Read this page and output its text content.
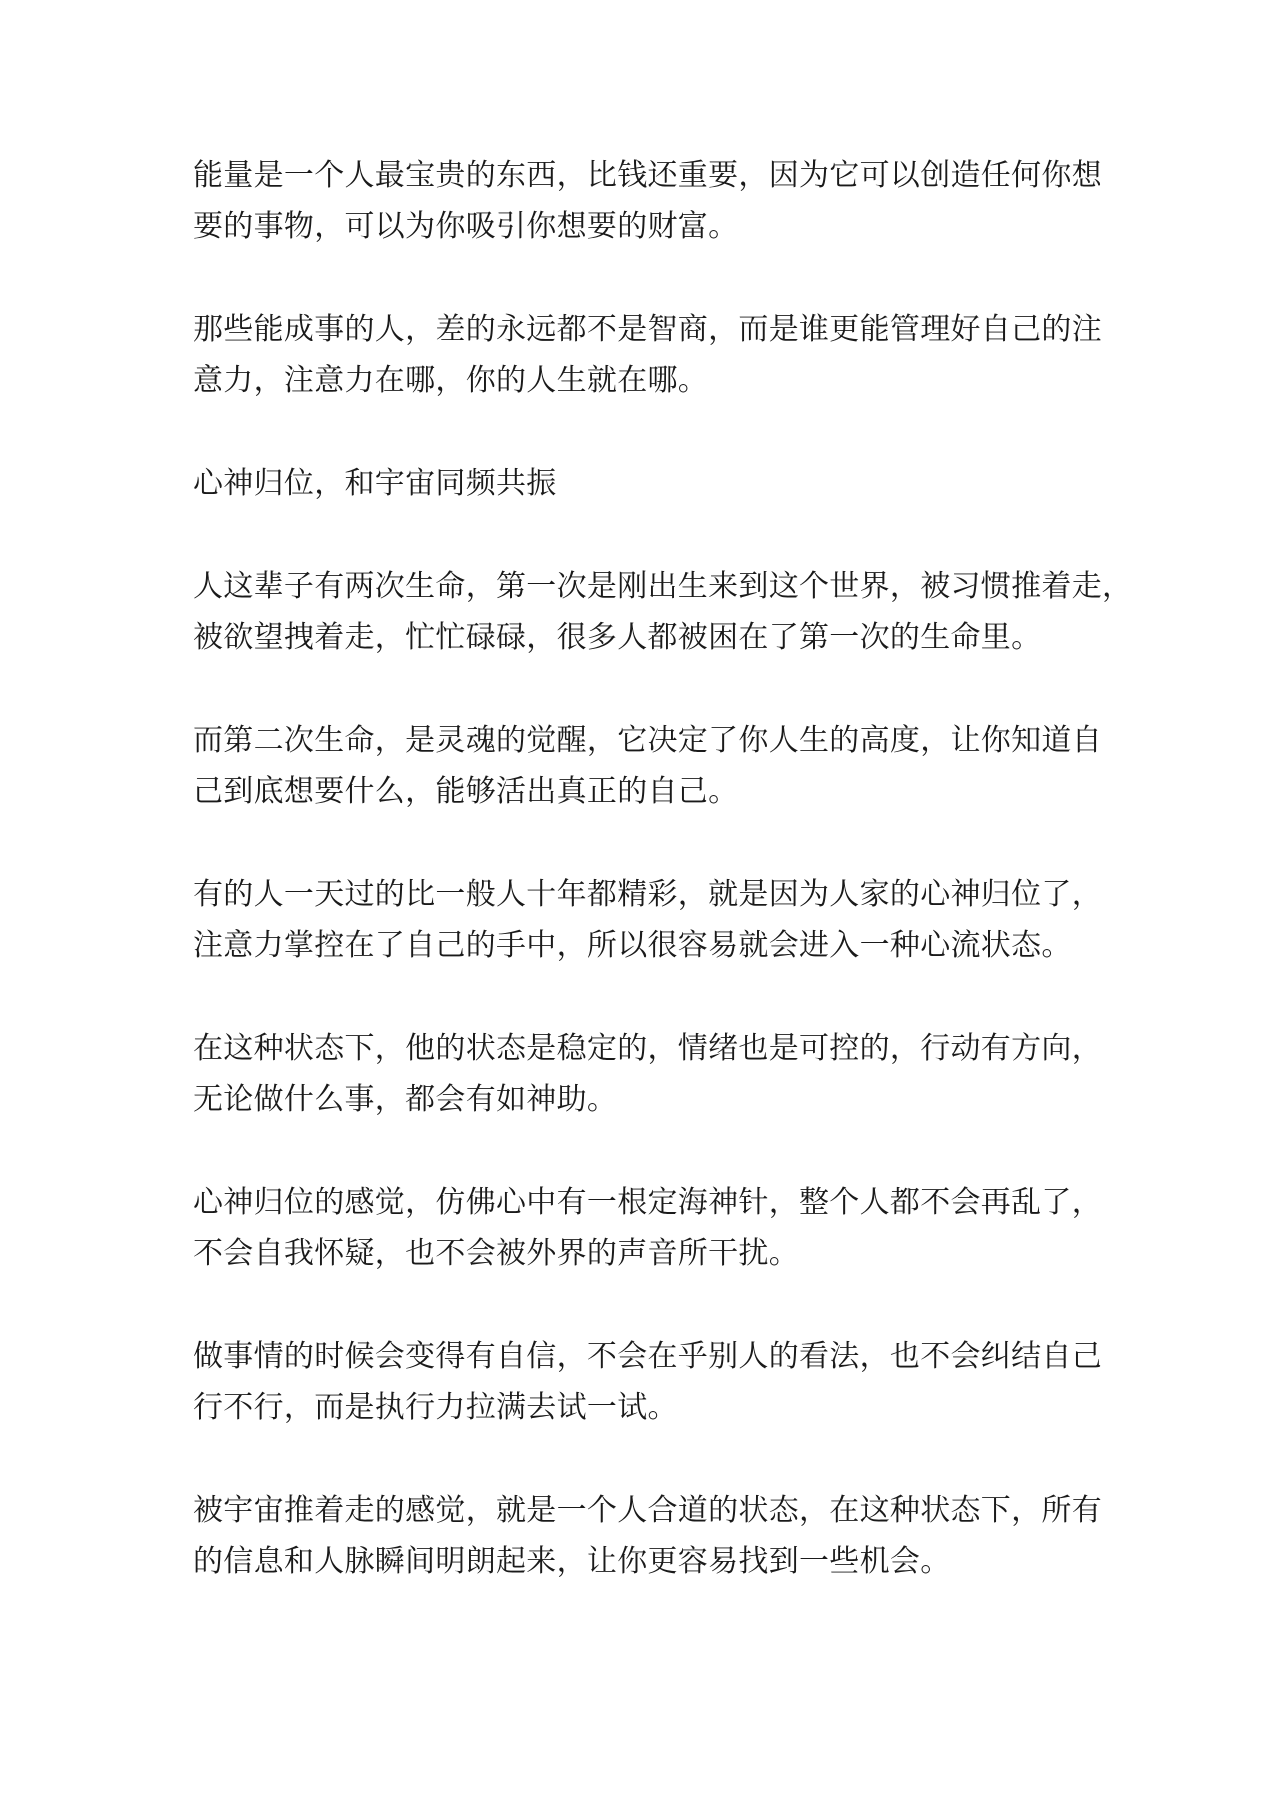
能量是一个人最宝贵的东西，比钱还重要，因为它可以创造任何你想
要的事物，可以为你吸引你想要的财富。

那些能成事的人，差的永远都不是智商，而是谁更能管理好自己的注
意力，注意力在哪，你的人生就在哪。

心神归位，和宇宙同频共振

人这辈子有两次生命，第一次是刚出生来到这个世界，被习惯推着走，
被欲望拽着走，忙忙碌碌，很多人都被困在了第一次的生命里。

而第二次生命，是灵魂的觉醒，它决定了你人生的高度，让你知道自
己到底想要什么，能够活出真正的自己。

有的人一天过的比一般人十年都精彩，就是因为人家的心神归位了，
注意力掌控在了自己的手中，所以很容易就会进入一种心流状态。

在这种状态下，他的状态是稳定的，情绪也是可控的，行动有方向，
无论做什么事，都会有如神助。

心神归位的感觉，仿佛心中有一根定海神针，整个人都不会再乱了，
不会自我怀疑，也不会被外界的声音所干扰。

做事情的时候会变得有自信，不会在乎别人的看法，也不会纠结自己
行不行，而是执行力拉满去试一试。

被宇宙推着走的感觉，就是一个人合道的状态，在这种状态下，所有
的信息和人脉瞬间明朗起来，让你更容易找到一些机会。
